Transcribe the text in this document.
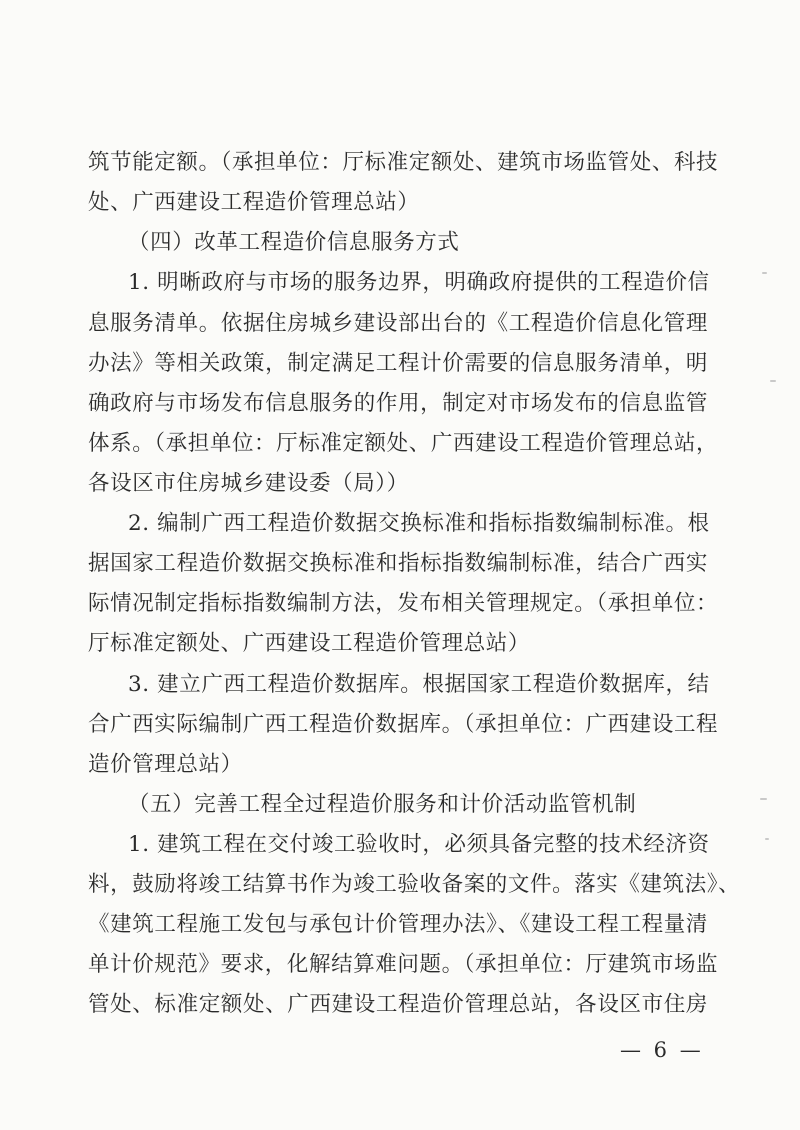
筑节能定额。（承担单位：厅标准定额处、建筑市场监管处、科技
处、广西建设工程造价管理总站）
（四）改革工程造价信息服务方式
1. 明晰政府与市场的服务边界，明确政府提供的工程造价信
息服务清单。依据住房城乡建设部出台的《工程造价信息化管理
办法》等相关政策，制定满足工程计价需要的信息服务清单，明
确政府与市场发布信息服务的作用，制定对市场发布的信息监管
体系。（承担单位：厅标准定额处、广西建设工程造价管理总站，
各设区市住房城乡建设委（局））
2. 编制广西工程造价数据交换标准和指标指数编制标准。根
据国家工程造价数据交换标准和指标指数编制标准，结合广西实
际情况制定指标指数编制方法，发布相关管理规定。（承担单位：
厅标准定额处、广西建设工程造价管理总站）
3. 建立广西工程造价数据库。根据国家工程造价数据库，结
合广西实际编制广西工程造价数据库。（承担单位：广西建设工程
造价管理总站）
（五）完善工程全过程造价服务和计价活动监管机制
1. 建筑工程在交付竣工验收时，必须具备完整的技术经济资
料，鼓励将竣工结算书作为竣工验收备案的文件。落实《建筑法》、
《建筑工程施工发包与承包计价管理办法》、《建设工程工程量清
单计价规范》要求，化解结算难问题。（承担单位：厅建筑市场监
管处、标准定额处、广西建设工程造价管理总站，各设区市住房
— 6 —
